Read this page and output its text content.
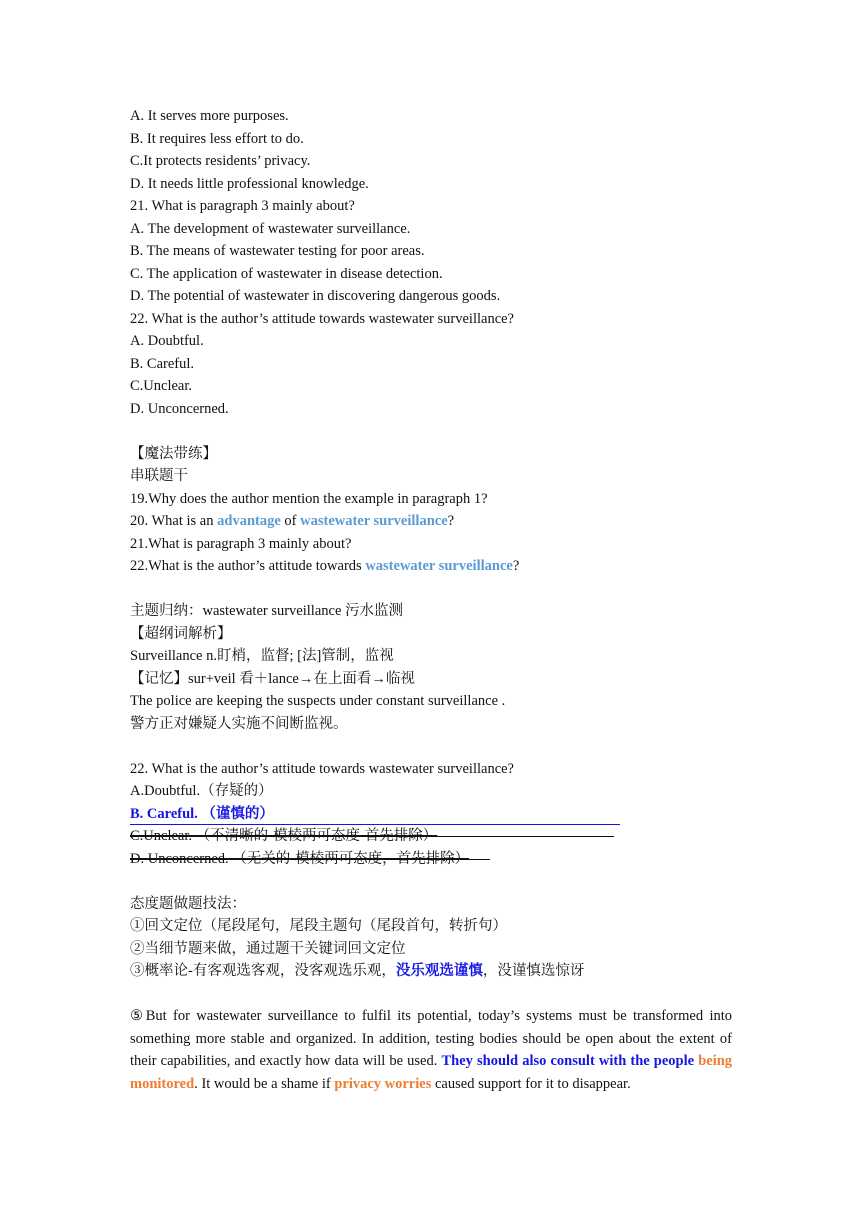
A. It serves more purposes.
B. It requires less effort to do.
C.It protects residents’ privacy.
D. It needs little professional knowledge.
21. What is paragraph 3 mainly about?
A. The development of wastewater surveillance.
B. The means of wastewater testing for poor areas.
C. The application of wastewater in disease detection.
D. The potential of wastewater in discovering dangerous goods.
22. What is the author’s attitude towards wastewater surveillance?
A. Doubtful.
B. Careful.
C.Unclear.
D. Unconcerned.
【魔法带练】
串联题干
19.Why does the author mention the example in paragraph 1?
20. What is an advantage of wastewater surveillance?
21.What is paragraph 3 mainly about?
22.What is the author’s attitude towards wastewater surveillance?
主题归纳：wastewater surveillance 污水监测
【超纲词解析】
Surveillance n.盯梢，监督; [法]管制，监视
【记忆】sur+veil 看＋lance→在上面看→临视
The police are keeping the suspects under constant surveillance .
警方正对嫌疑人实施不间断监视。
22. What is the author’s attitude towards wastewater surveillance?
A.Doubtful.（存疑的）
B. Careful. （谨慎的）
C.Unclear. （不清晰的-模棱两可态度-首先排除）
D. Unconcerned. （无关的-模棱两可态度，首先排除）
态度题做题技法：
①回文定位（尾段尾句，尾段主题句（尾段首句，转折句）
②当细节题来做，通过题干关键词回文定位
③概率论-有客观选客观，没客观选乐观，没乐观选谨慎，没谨慎选惊讶
⑤But for wastewater surveillance to fulfil its potential, today’s systems must be transformed into something more stable and organized. In addition, testing bodies should be open about the extent of their capabilities, and exactly how data will be used. They should also consult with the people being monitored. It would be a shame if privacy worries caused support for it to disappear.
